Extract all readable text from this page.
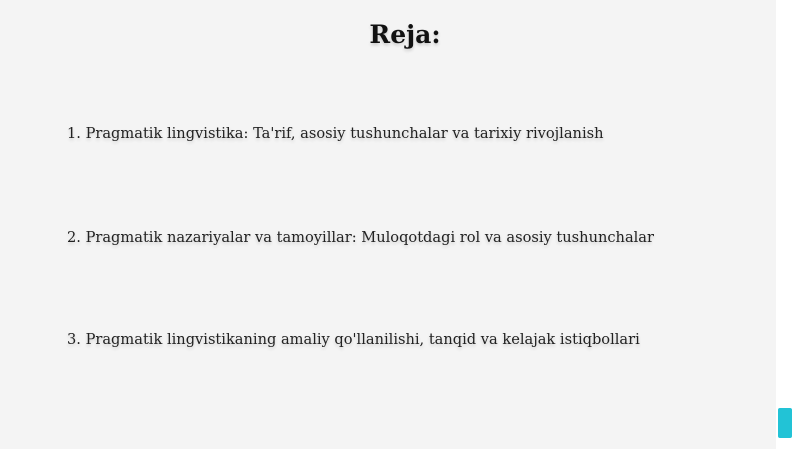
Reja:
1. Pragmatik lingvistika: Ta'rif, asosiy tushunchalar va tarixiy rivojlanish
2. Pragmatik nazariyalar va tamoyillar: Muloqotdagi rol va asosiy tushunchalar
3. Pragmatik lingvistikaning amaliy qo'llanilishi, tanqid va kelajak istiqbollari
